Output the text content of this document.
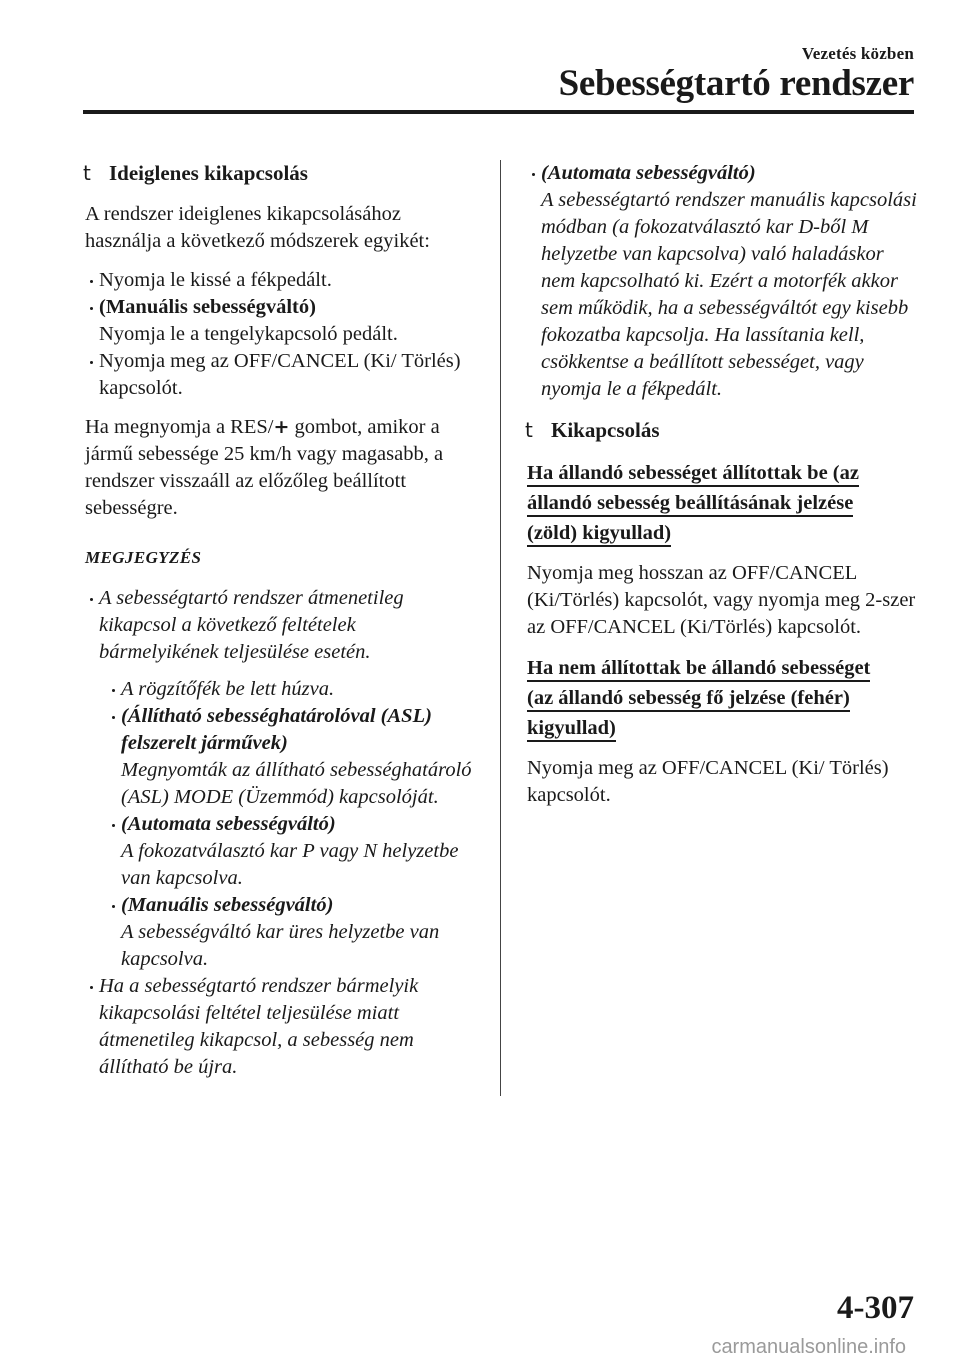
Vezetés közben
Sebességtartó rendszer
t Ideiglenes kikapcsolás

A rendszer ideiglenes kikapcsolásához használja a következő módszerek egyikét:

Nyomja le kissé a fékpedált.
(Manuális sebességváltó)
Nyomja le a tengelykapcsoló pedált.
Nyomja meg az OFF/CANCEL (Ki/ Törlés) kapcsolót.

Ha megnyomja a RES/+ gombot, amikor a jármű sebessége 25 km/h vagy magasabb, a rendszer visszaáll az előzőleg beállított sebességre.

MEGJEGYZÉS
A sebességtartó rendszer átmenetileg kikapcsol a következő feltételek bármelyikének teljesülése esetén.
A rögzítőfék be lett húzva.
(Állítható sebességhatárolóval (ASL) felszerelt járművek)
Megnyomták az állítható sebességhatároló (ASL) MODE (Üzemmód) kapcsolóját.
(Automata sebességváltó)
A fokozatválasztó kar P vagy N helyzetbe van kapcsolva.
(Manuális sebességváltó)
A sebességváltó kar üres helyzetbe van kapcsolva.
Ha a sebességtartó rendszer bármelyik kikapcsolási feltétel teljesülése miatt átmenetileg kikapcsol, a sebesség nem állítható be újra.
(Automata sebességváltó)
A sebességtartó rendszer manuális kapcsolási módban (a fokozatválasztó kar D-ből M helyzetbe van kapcsolva) való haladáskor nem kapcsolható ki. Ezért a motorfék akkor sem működik, ha a sebességváltót egy kisebb fokozatba kapcsolja. Ha lassítania kell, csökkentse a beállított sebességet, vagy nyomja le a fékpedált.
t Kikapcsolás
Ha állandó sebességet állítottak be (az
állandó sebesség beállításának jelzése
(zöld) kigyullad)

Nyomja meg hosszan az OFF/CANCEL (Ki/Törlés) kapcsolót, vagy nyomja meg 2-szer az OFF/CANCEL (Ki/Törlés) kapcsolót.

Ha nem állítottak be állandó sebességet
(az állandó sebesség fő jelzése (fehér)
kigyullad)

Nyomja meg az OFF/CANCEL (Ki/ Törlés) kapcsolót.

4-307
carmanualsonline.info
